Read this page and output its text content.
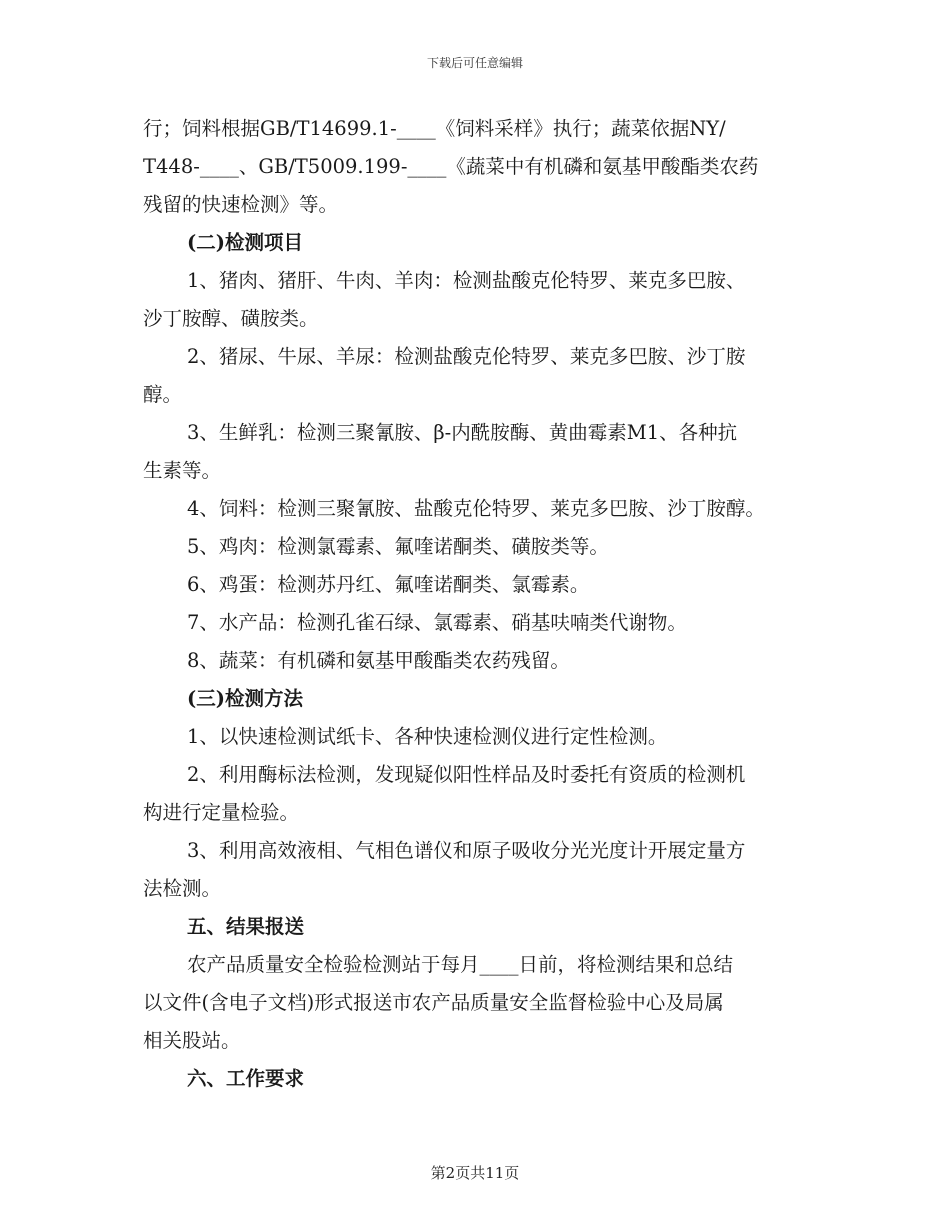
下载后可任意编辑

行；饲料根据GB/T14699.1-____《饲料采样》执行；蔬菜依据NY/

T448-____、GB/T5009.199-____《蔬菜中有机磷和氨基甲酸酯类农药

残留的快速检测》等。

(二)检测项目

1、猪肉、猪肝、牛肉、羊肉：检测盐酸克伦特罗、莱克多巴胺、

沙丁胺醇、磺胺类。

2、猪尿、牛尿、羊尿：检测盐酸克伦特罗、莱克多巴胺、沙丁胺

醇。

3、生鲜乳：检测三聚氰胺、β-内酰胺酶、黄曲霉素M1、各种抗

生素等。

4、饲料：检测三聚氰胺、盐酸克伦特罗、莱克多巴胺、沙丁胺醇。

5、鸡肉：检测氯霉素、氟喹诺酮类、磺胺类等。

6、鸡蛋：检测苏丹红、氟喹诺酮类、氯霉素。

7、水产品：检测孔雀石绿、氯霉素、硝基呋喃类代谢物。

8、蔬菜：有机磷和氨基甲酸酯类农药残留。

(三)检测方法

1、以快速检测试纸卡、各种快速检测仪进行定性检测。

2、利用酶标法检测，发现疑似阳性样品及时委托有资质的检测机

构进行定量检验。

3、利用高效液相、气相色谱仪和原子吸收分光光度计开展定量方

法检测。

五、结果报送

农产品质量安全检验检测站于每月____日前，将检测结果和总结

以文件(含电子文档)形式报送市农产品质量安全监督检验中心及局属

相关股站。

六、工作要求

第2页共11页
